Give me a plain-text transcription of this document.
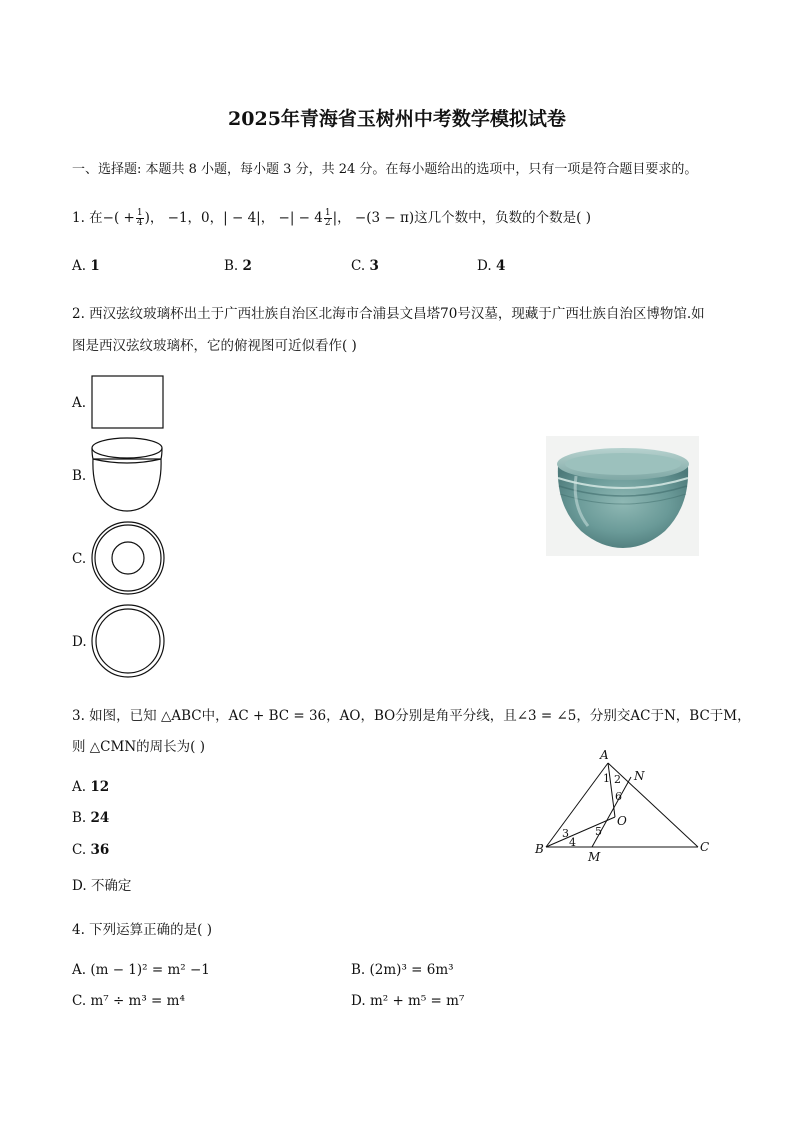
2025年青海省玉树州中考数学模拟试卷
一、选择题: 本题共 8 小题，每小题 3 分，共 24 分。在每小题给出的选项中，只有一项是符合题目要求的。
1. 在−( + $\frac{1}{4}$ )， −1，0，| − 4|， −| − $4 \frac{1}{2}$ |， −(3 − π)这几个数中，负数的个数是( )
A. 1	B. 2	C. 3	D. 4
2. 西汉弦纹玻璃杯出土于广西壮族自治区北海市合浦县文昌塔70号汉墓，现藏于广西壮族自治区博物馆.如
图是西汉弦纹玻璃杯，它的俯视图可近似看作( )
A.
B.
C.
D.
3. 如图，已知 △ABC中，AC + BC = 36，AO，BO分别是角平分线，且∠3 = ∠5，分别交AC于N，BC于M，
则 △CMN的周长为( )
A. 12
B. 24
C. 36
D. 不确定
A
B	C
N
M
O
1 2
3
4
5
6
4. 下列运算正确的是( )
A. (m − 1)² = m² −1	B. (2m)³ = 6m³
C. m⁷ ÷ m³ = m⁴	D. m² + m⁵ = m⁷
